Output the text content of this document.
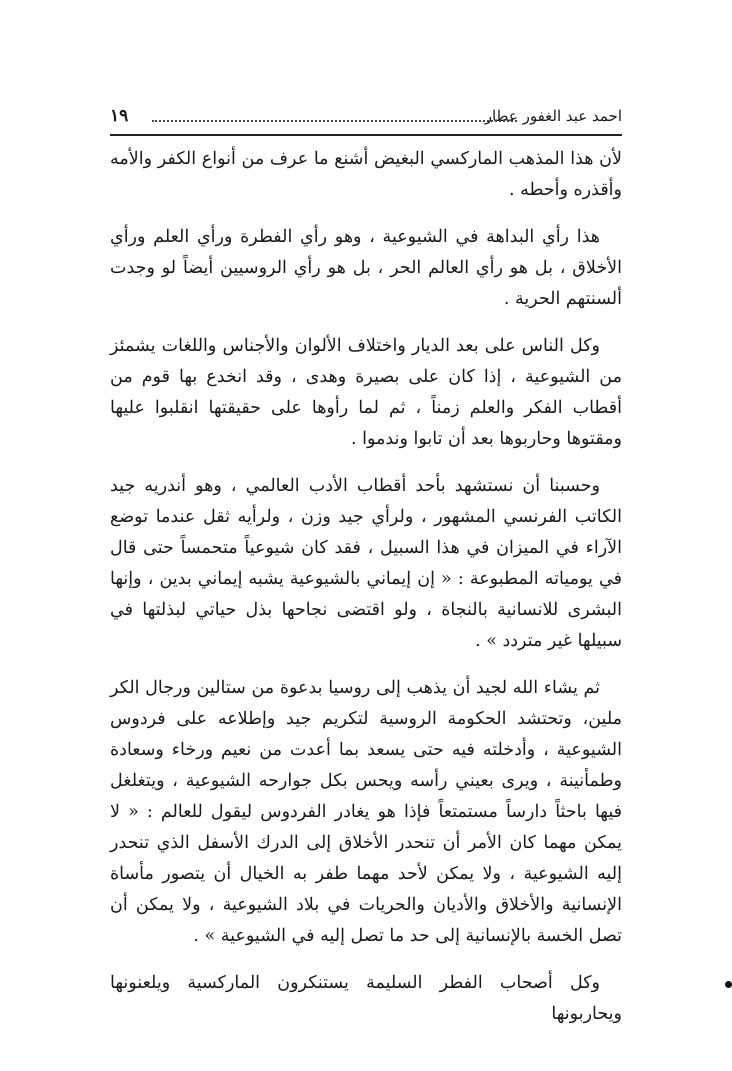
احمد عبد الغفور عطار
١٩

لأن هذا المذهب الماركسي البغيض أشنع ما عرف من أنواع الكفر والأمه وأقذره وأحطه .

هذا رأي البداهة في الشيوعية ، وهو رأي الفطرة ورأي العلم ورأي الأخلاق ، بل هو رأي العالم الحر ، بل هو رأي الروسيين أيضاً لو وجدت ألسنتهم الحرية .

وكل الناس على بعد الديار واختلاف الألوان والأجناس واللغات يشمئز من الشيوعية ، إذا كان على بصيرة وهدى ، وقد انخدع بها قوم من أقطاب الفكر والعلم زمناً ، ثم لما رأوها على حقيقتها انقلبوا عليها ومقتوها وحاربوها بعد أن تابوا وندموا .

وحسبنا أن نستشهد بأحد أقطاب الأدب العالمي ، وهو أندريه جيد الكاتب الفرنسي المشهور ، ولرأي جيد وزن ، ولرأيه ثقل عندما توضع الآراء في الميزان في هذا السبيل ، فقد كان شيوعياً متحمساً حتى قال في يومياته المطبوعة : « إن إيماني بالشيوعية يشبه إيماني بدين ، وإنها البشرى للانسانية بالنجاة ، ولو اقتضى نجاحها بذل حياتي لبذلتها في سبيلها غير متردد » .

ثم يشاء الله لجيد أن يذهب إلى روسيا بدعوة من ستالين ورجال الكر ملين، وتحتشد الحكومة الروسية لتكريم جيد وإطلاعه على فردوس الشيوعية ، وأدخلته فيه حتى يسعد بما أعدت من نعيم ورخاء وسعادة وطمأنينة ، ويرى بعيني رأسه ويحس بكل جوارحه الشيوعية ، ويتغلغل فيها باحثاً دارساً مستمتعاً فإذا هو يغادر الفردوس ليقول للعالم : « لا يمكن مهما كان الأمر أن تنحدر الأخلاق إلى الدرك الأسفل الذي تنحدر إليه الشيوعية ، ولا يمكن لأحد مهما طفر به الخيال أن يتصور مأساة الإنسانية والأخلاق والأديان والحريات في بلاد الشيوعية ، ولا يمكن أن تصل الخسة بالإنسانية إلى حد ما تصل إليه في الشيوعية » .

وكل أصحاب الفطر السليمة يستنكرون الماركسية ويلعنونها ويحاربونها
